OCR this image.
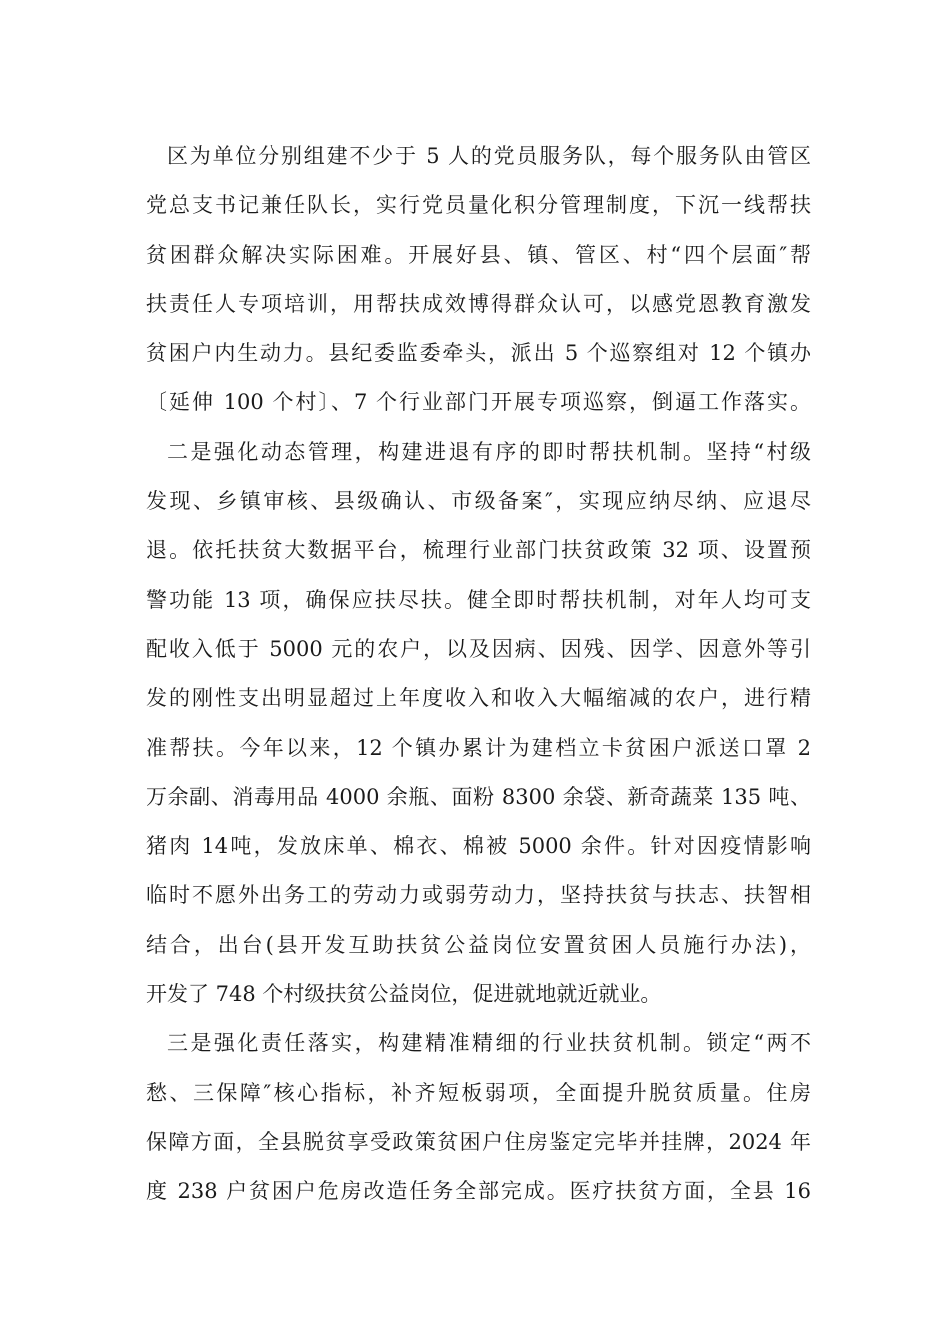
区为单位分别组建不少于 5 人的党员服务队，每个服务队由管区
党总支书记兼任队长，实行党员量化积分管理制度，下沉一线帮扶
贫困群众解决实际困难。开展好县、镇、管区、村“四个层面″帮
扶责任人专项培训，用帮扶成效博得群众认可，以感党恩教育激发
贫困户内生动力。县纪委监委牵头，派出 5 个巡察组对 12 个镇办
〔延伸 100 个村〕、7 个行业部门开展专项巡察，倒逼工作落实。
二是强化动态管理，构建进退有序的即时帮扶机制。坚持“村级
发现、乡镇审核、县级确认、市级备案″，实现应纳尽纳、应退尽
退。依托扶贫大数据平台，梳理行业部门扶贫政策 32 项、设置预
警功能 13 项，确保应扶尽扶。健全即时帮扶机制，对年人均可支
配收入低于 5000 元的农户，以及因病、因残、因学、因意外等引
发的刚性支出明显超过上年度收入和收入大幅缩减的农户，进行精
准帮扶。今年以来，12 个镇办累计为建档立卡贫困户派送口罩 2
万余副、消毒用品 4000 余瓶、面粉 8300 余袋、新奇蔬菜 135 吨、
猪肉 14吨，发放床单、棉衣、棉被 5000 余件。针对因疫情影响
临时不愿外出务工的劳动力或弱劳动力，坚持扶贫与扶志、扶智相
结合，出台(县开发互助扶贫公益岗位安置贫困人员施行办法)，
开发了 748 个村级扶贫公益岗位，促进就地就近就业。
三是强化责任落实，构建精准精细的行业扶贫机制。锁定“两不
愁、三保障″核心指标，补齐短板弱项，全面提升脱贫质量。住房
保障方面，全县脱贫享受政策贫困户住房鉴定完毕并挂牌，2024 年
度 238 户贫困户危房改造任务全部完成。医疗扶贫方面，全县 16
